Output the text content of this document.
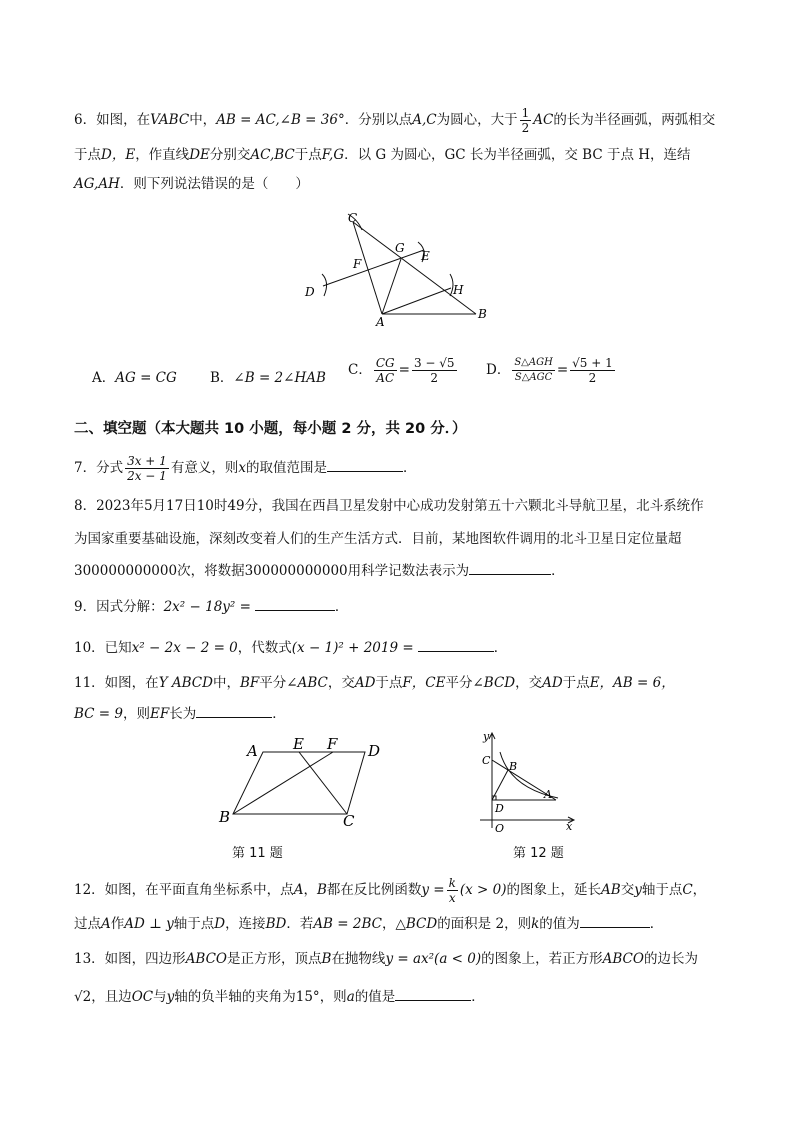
6．如图，在VABC中，AB = AC,∠B = 36°．分别以点A,C为圆心，大于 $\frac{1}{2}$ AC的长为半径画弧，两弧相交
于点D，E，作直线DE分别交AC,BC于点F,G．以 G 为圆心，GC 长为半径画弧，交 BC 于点 H，连结
AG,AH．则下列说法错误的是（　　）
C
G
E
F
D	H
A
B
A．AG = CG B．∠B = 2∠HAB C． $\frac{CG}{AC} = \frac{3 - √5}{2}$ D． $\frac{\text{S△AGH}}{\text{S△AGC}} = \frac{√5 + 1}{2}$
二、填空题（本大题共 10 小题，每小题 2 分，共 20 分．）
7．分式 $\frac{3x + 1}{2x - 1}$ 有意义，则x的取值范围是	．
8．2023年5月17日10时49分，我国在西昌卫星发射中心成功发射第五十六颗北斗导航卫星，北斗系统作
为国家重要基础设施，深刻改变着人们的生产生活方式．目前，某地图软件调用的北斗卫星日定位量超
300000000000次，将数据300000000000用科学记数法表示为	．
9．因式分解：2x² − 18y² =	．
10．已知x² − 2x − 2 = 0，代数式(x − 1)² + 2019 =	．
11．如图，在Y ABCD中，BF平分∠ABC，交AD于点F，CE平分∠BCD，交AD于点E，AB = 6，
BC = 9，则EF长为	．
A E F D
B	C
第 11 题
y
C B
D
A
O	x
第 12 题
12．如图，在平面直角坐标系中，点A，B都在反比例函数$y = \frac{k}{x} (x > 0)$的图象上，延长AB交y轴于点C，
过点A作AD ⊥ y轴于点D，连接BD．若AB = 2BC，△BCD的面积是 2，则k的值为	．
13．如图，四边形ABCO是正方形，顶点B在抛物线y = ax²(a < 0)的图象上，若正方形ABCO的边长为
√2，且边OC与y轴的负半轴的夹角为15°，则a的值是	．
